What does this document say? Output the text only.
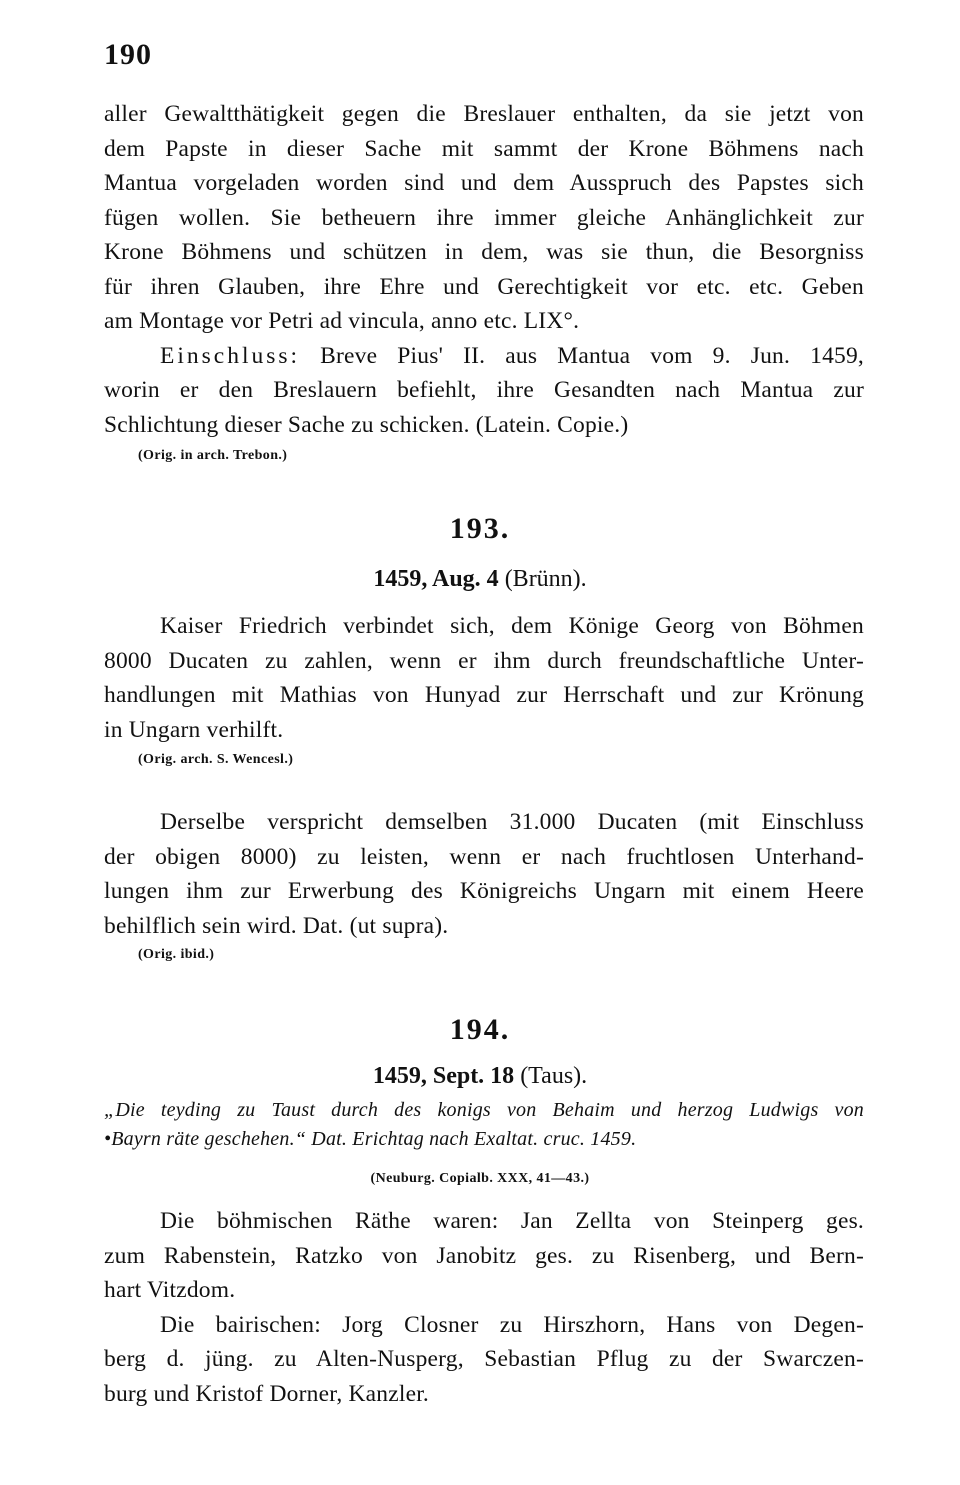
190
aller Gewaltthätigkeit gegen die Breslauer enthalten, da sie jetzt von
dem Papste in dieser Sache mit sammt der Krone Böhmens nach
Mantua vorgeladen worden sind und dem Ausspruch des Papstes sich
fügen wollen. Sie betheuern ihre immer gleiche Anhänglichkeit zur
Krone Böhmens und schützen in dem, was sie thun, die Besorgniss
für ihren Glauben, ihre Ehre und Gerechtigkeit vor etc. etc. Geben
am Montage vor Petri ad vincula, anno etc. LIX°.
Einschluss: Breve Pius' II. aus Mantua vom 9. Jun. 1459,
worin er den Breslauern befiehlt, ihre Gesandten nach Mantua zur
Schlichtung dieser Sache zu schicken. (Latein. Copie.)
(Orig. in arch. Trebon.)
193.
1459, Aug. 4 (Brünn).
Kaiser Friedrich verbindet sich, dem Könige Georg von Böhmen
8000 Ducaten zu zahlen, wenn er ihm durch freundschaftliche Unter-
handlungen mit Mathias von Hunyad zur Herrschaft und zur Krönung
in Ungarn verhilft.
(Orig. arch. S. Wencesl.)
Derselbe verspricht demselben 31.000 Ducaten (mit Einschluss
der obigen 8000) zu leisten, wenn er nach fruchtlosen Unterhand-
lungen ihm zur Erwerbung des Königreichs Ungarn mit einem Heere
behilflich sein wird. Dat. (ut supra).
(Orig. ibid.)
194.
1459, Sept. 18 (Taus).
„Die teyding zu Taust durch des konigs von Behaim und herzog Ludwigs von
•Bayrn räte geschehen.“ Dat. Erichtag nach Exaltat. cruc. 1459.
(Neuburg. Copialb. XXX, 41—43.)
Die böhmischen Räthe waren: Jan Zellta von Steinperg ges.
zum Rabenstein, Ratzko von Janobitz ges. zu Risenberg, und Bern-
hart Vitzdom.
Die bairischen: Jorg Closner zu Hirszhorn, Hans von Degen-
berg d. jüng. zu Alten-Nusperg, Sebastian Pflug zu der Swarczen-
burg und Kristof Dorner, Kanzler.
